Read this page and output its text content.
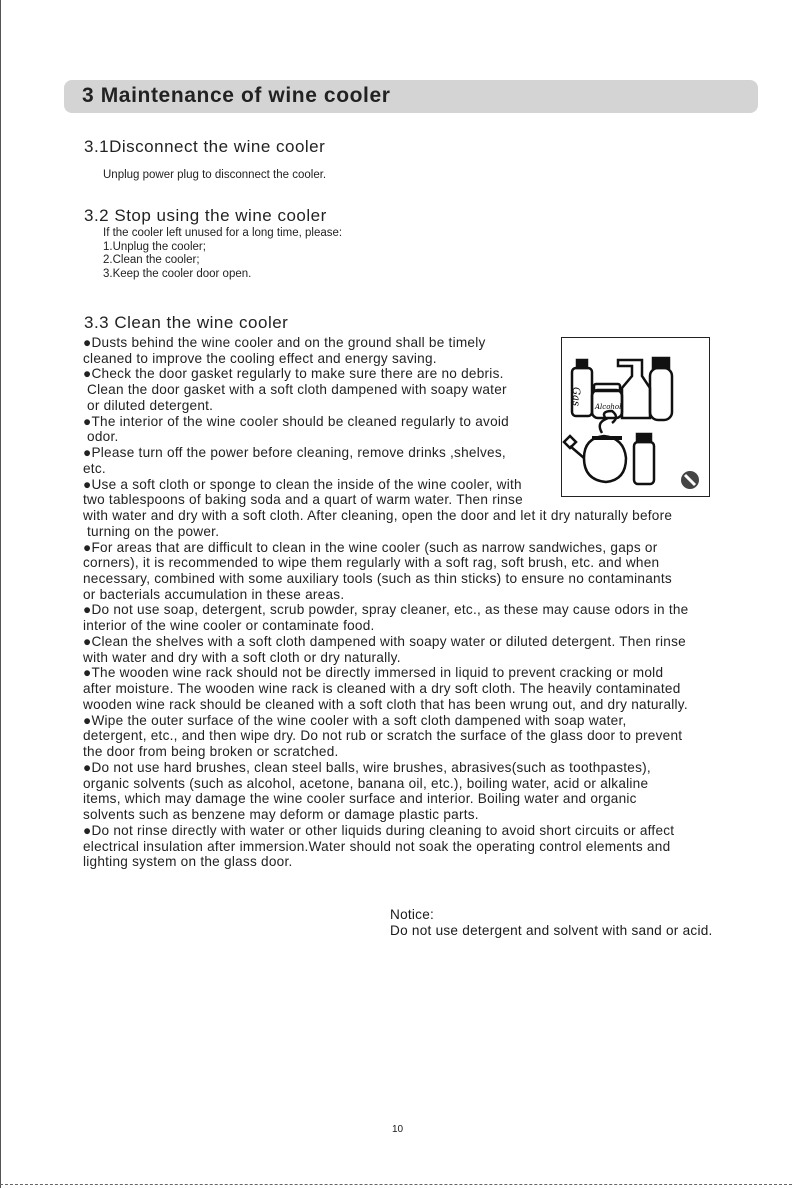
3 Maintenance of wine cooler
3.1Disconnect the wine cooler
Unplug power plug to disconnect the cooler.
3.2 Stop using the wine cooler
If the cooler left unused for a long time, please:
1.Unplug the cooler;
2.Clean the cooler;
3.Keep the cooler door open.
3.3 Clean the wine cooler
●Dusts behind the wine cooler and on the ground shall be timely
cleaned to improve the cooling effect and energy saving.
●Check the door gasket regularly to make sure there are no debris.
Clean the door gasket with a soft cloth dampened with soapy water
or diluted detergent.
●The interior of the wine cooler should be cleaned regularly to avoid
odor.
●Please turn off the power before cleaning, remove drinks ,shelves,
etc.
●Use a soft cloth or sponge to clean the inside of the wine cooler, with
two tablespoons of baking soda and a quart of warm water. Then rinse
with water and dry with a soft cloth. After cleaning, open the door and let it dry naturally before
turning on the power.
●For areas that are difficult to clean in the wine cooler (such as narrow sandwiches, gaps or
corners), it is recommended to wipe them regularly with a soft rag, soft brush, etc. and when
necessary, combined with some auxiliary tools (such as thin sticks) to ensure no contaminants
or bacterials accumulation in these areas.
●Do not use soap, detergent, scrub powder, spray cleaner, etc., as these may cause odors in the
interior of the wine cooler or contaminate food.
●Clean the shelves with a soft cloth dampened with soapy water or diluted detergent. Then rinse
with water and dry with a soft cloth or dry naturally.
●The wooden wine rack should not be directly immersed in liquid to prevent cracking or mold
after moisture. The wooden wine rack is cleaned with a dry soft cloth. The heavily contaminated
wooden wine rack should be cleaned with a soft cloth that has been wrung out, and dry naturally.
●Wipe the outer surface of the wine cooler with a soft cloth dampened with soap water,
detergent, etc., and then wipe dry. Do not rub or scratch the surface of the glass door to prevent
the door from being broken or scratched.
●Do not use hard brushes, clean steel balls, wire brushes, abrasives(such as toothpastes),
organic solvents (such as alcohol, acetone, banana oil, etc.), boiling water, acid or alkaline
items, which may damage the wine cooler surface and interior. Boiling water and organic
solvents such as benzene may deform or damage plastic parts.
●Do not rinse directly with water or other liquids during cleaning to avoid short circuits or affect
electrical insulation after immersion.Water should not soak the operating control elements and
lighting system on the glass door.
Gas
Alcohol
Notice:
Do not use detergent and solvent with sand or acid.
10
